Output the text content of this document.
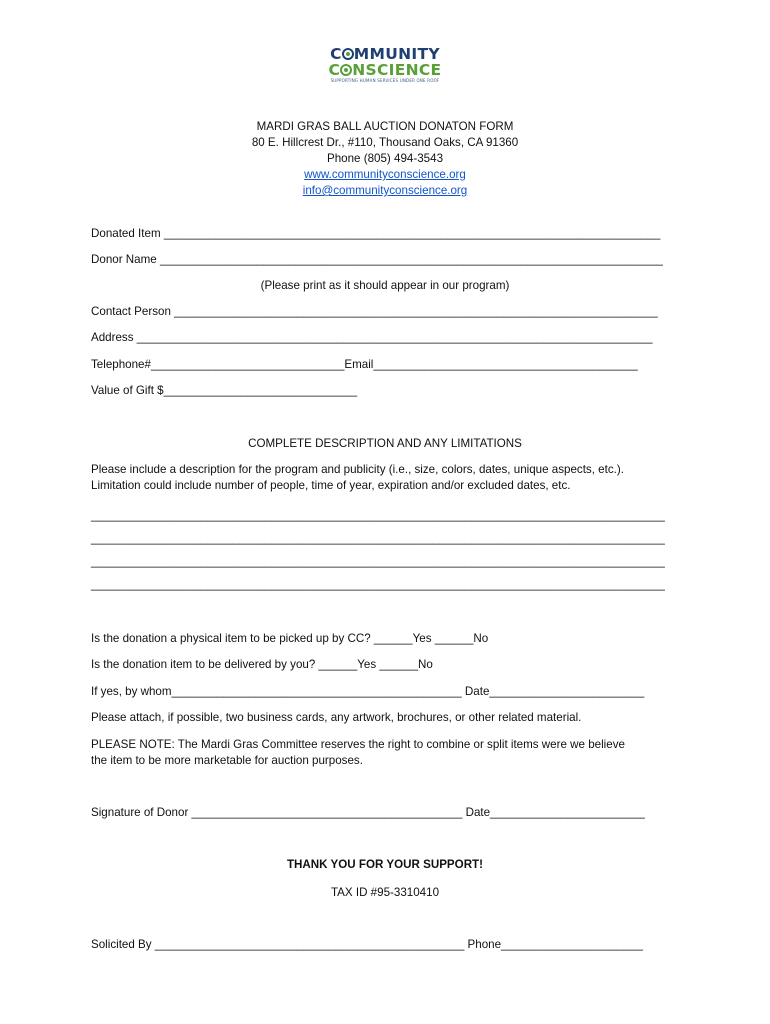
C MMUNITY
C NSCIENCE
SUPPORTING HUMAN SERVICES UNDER ONE ROOF
MARDI GRAS BALL AUCTION DONATON FORM
80 E. Hillcrest Dr., #110, Thousand Oaks, CA 91360
Phone (805) 494-3543
www.communityconscience.org
info@communityconscience.org
Donated Item _____________________________________________________________________________
Donor Name ______________________________________________________________________________
(Please print as it should appear in our program)
Contact Person ___________________________________________________________________________
Address ________________________________________________________________________________
Telephone#______________________________Email_________________________________________
Value of Gift $______________________________
COMPLETE DESCRIPTION AND ANY LIMITATIONS
Please include a description for the program and publicity (i.e., size, colors, dates, unique aspects, etc.).
Limitation could include number of people, time of year, expiration and/or excluded dates, etc.
_________________________________________________________________________________________
_________________________________________________________________________________________
_________________________________________________________________________________________
_________________________________________________________________________________________
Is the donation a physical item to be picked up by CC? ______Yes ______No
Is the donation item to be delivered by you? ______Yes ______No
If yes, by whom_____________________________________________ Date________________________
Please attach, if possible, two business cards, any artwork, brochures, or other related material.
PLEASE NOTE: The Mardi Gras Committee reserves the right to combine or split items were we believe
the item to be more marketable for auction purposes.
Signature of Donor __________________________________________ Date________________________
THANK YOU FOR YOUR SUPPORT!
TAX ID #95-3310410
Solicited By ________________________________________________ Phone______________________
